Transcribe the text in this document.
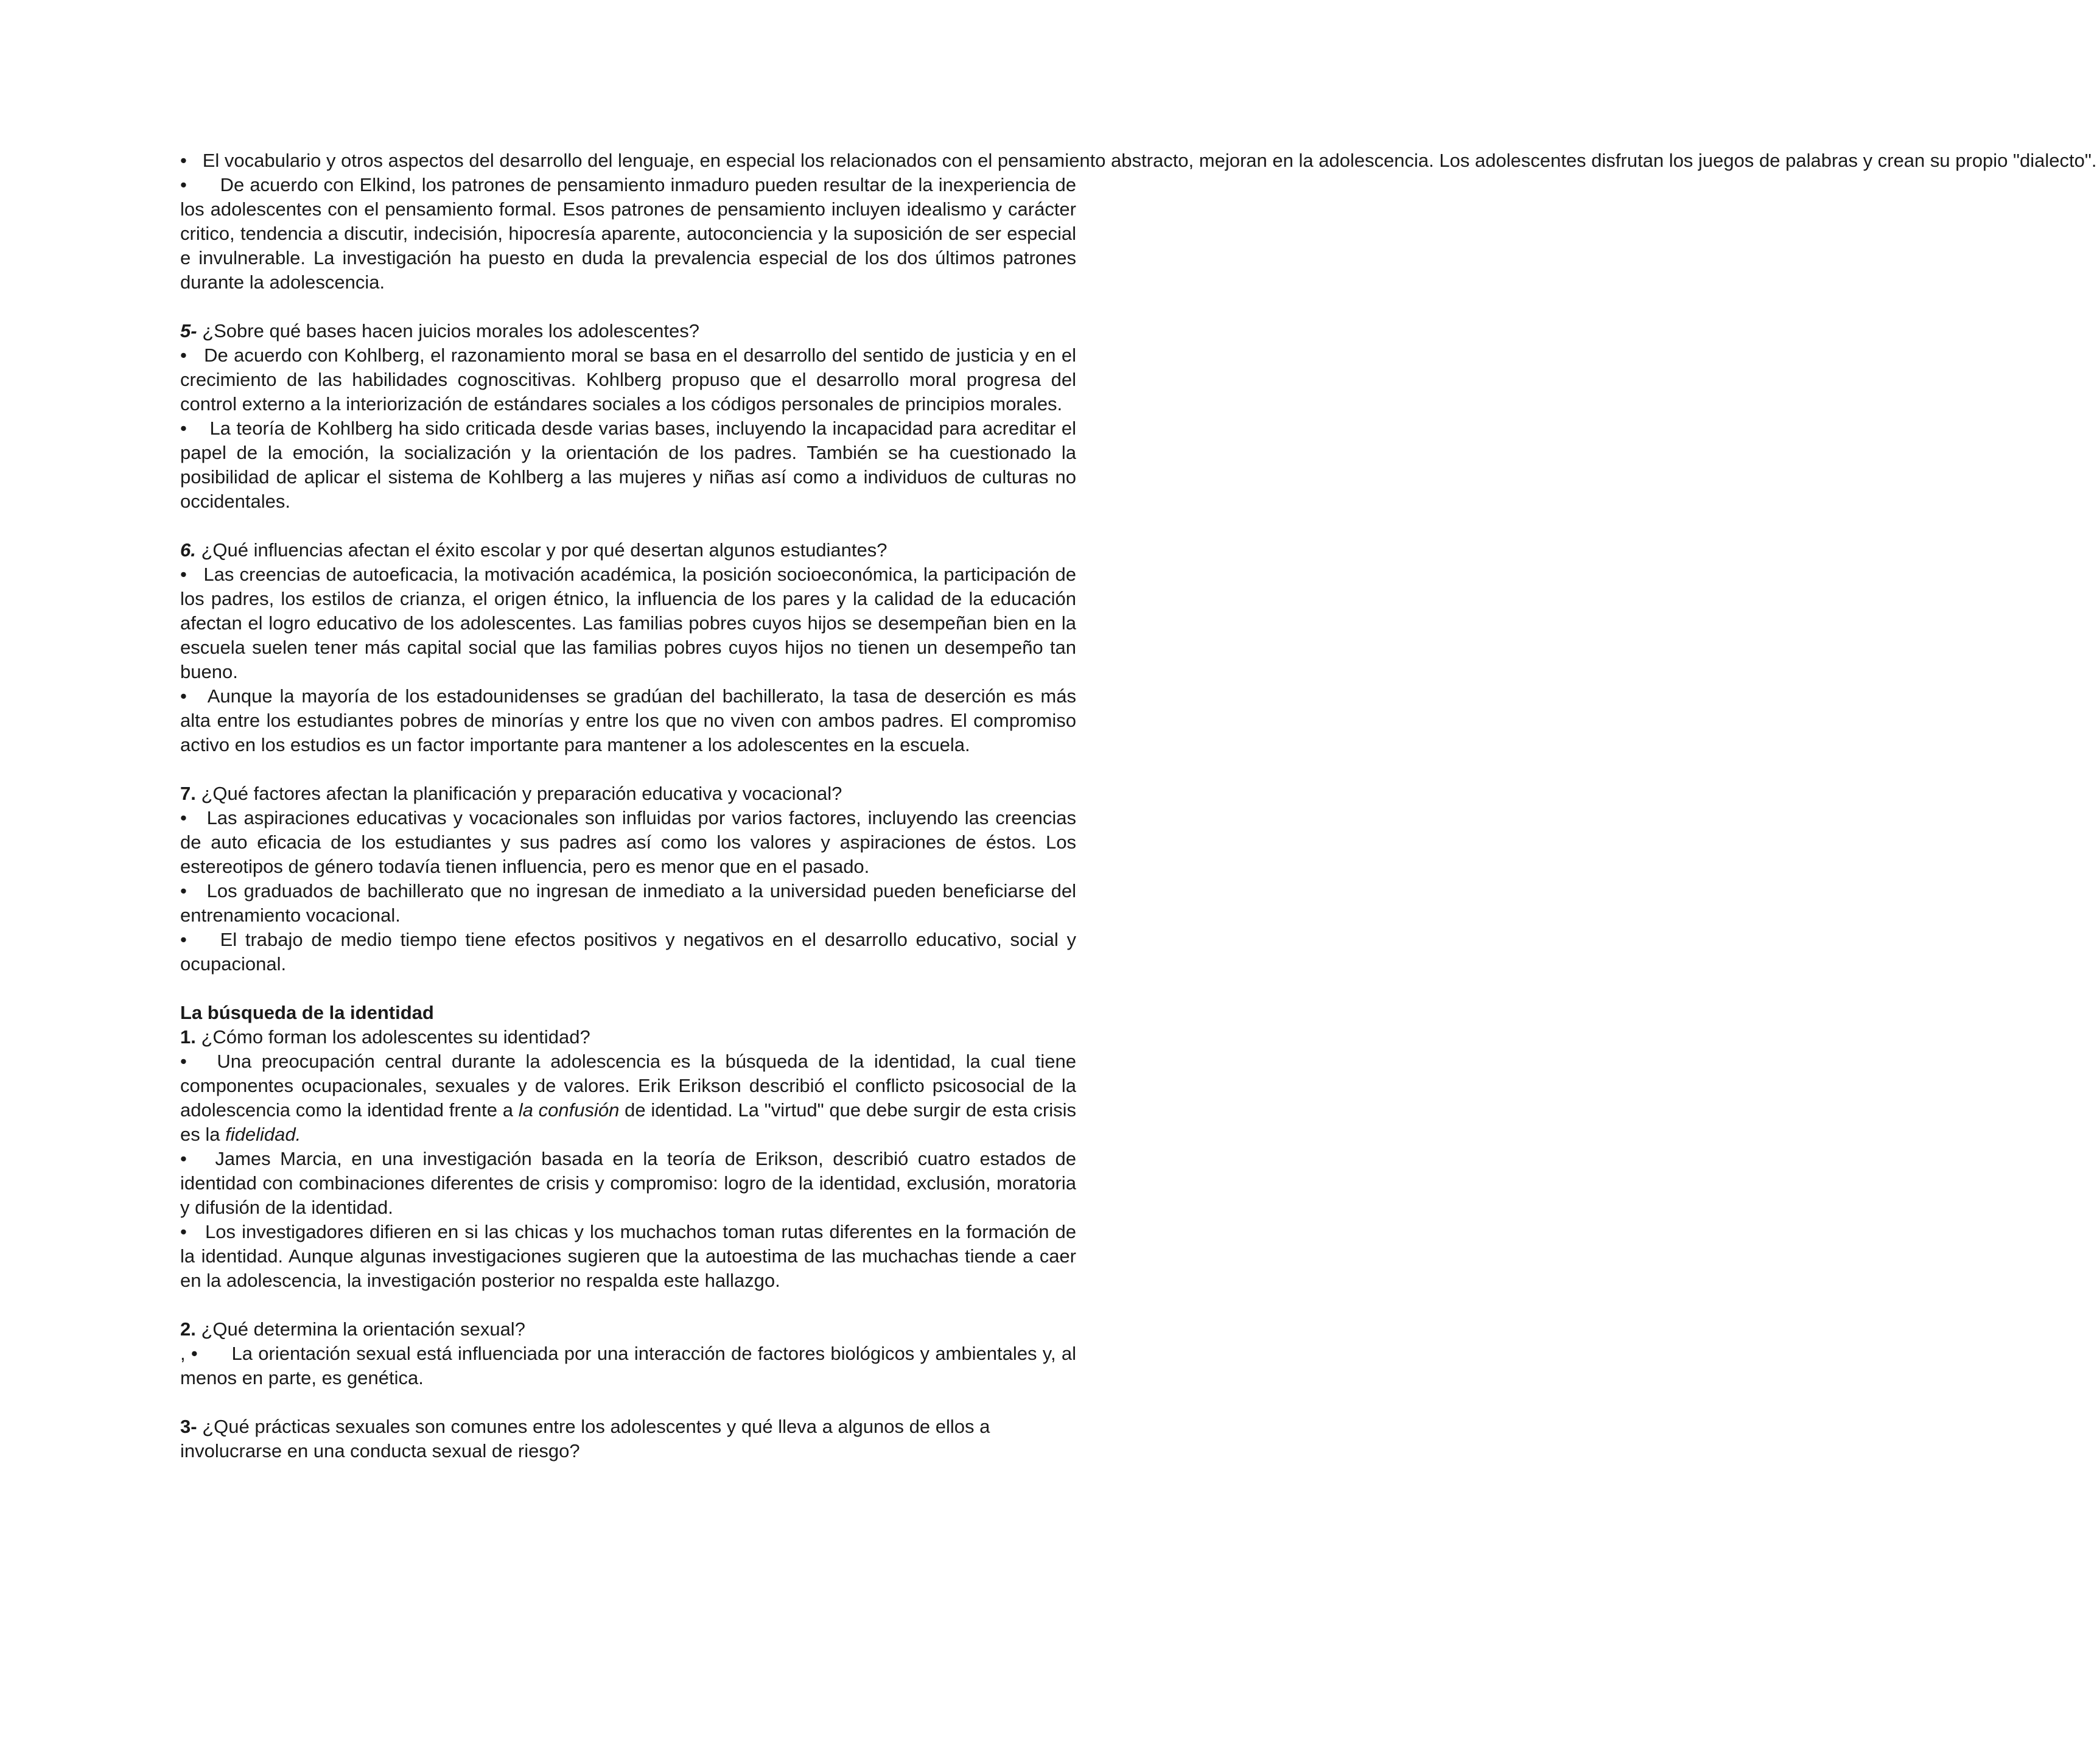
•   El vocabulario y otros aspectos del desarrollo del lenguaje, en especial los relacionados con el pensamiento abstracto, mejoran en la adolescencia. Los adolescentes disfrutan los juegos de palabras y crean su propio "dialecto".

•      De acuerdo con Elkind, los patrones de pensamiento inmaduro pueden resultar de la inexperiencia de los adolescentes con el pensamiento formal. Esos patrones de pensamiento incluyen idealismo y carácter critico, tendencia a discutir, indecisión, hipocresía aparente, autoconciencia y la suposición de ser especial e invulnerable. La investigación ha puesto en duda la prevalencia especial de los dos últimos patrones durante la adolescencia.

5- ¿Sobre qué bases hacen juicios morales los adolescentes?

•   De acuerdo con Kohlberg, el razonamiento moral se basa en el desarrollo del sentido de justicia y en el crecimiento de las habilidades cognoscitivas. Kohlberg propuso que el desarrollo moral progresa del control externo a la interiorización de estándares sociales a los códigos personales de principios morales.

•    La teoría de Kohlberg ha sido criticada desde varias bases, incluyendo la incapacidad para acreditar el papel de la emoción, la socialización y la orientación de los padres. También se ha cuestionado la posibilidad de aplicar el sistema de Kohlberg a las mujeres y niñas así como a individuos de culturas no occidentales.

6. ¿Qué influencias afectan el éxito escolar y por qué desertan algunos estudiantes?

•   Las creencias de autoeficacia, la motivación académica, la posición socioeconómica, la participación de los padres, los estilos de crianza, el origen étnico, la influencia de los pares y la calidad de la educación afectan el logro educativo de los adolescentes. Las familias pobres cuyos hijos se desempeñan bien en la escuela suelen tener más capital social que las familias pobres cuyos hijos no tienen un desempeño tan bueno.

•   Aunque la mayoría de los estadounidenses se gradúan del bachillerato, la tasa de deserción es más alta entre los estudiantes pobres de minorías y entre los que no viven con ambos padres. El compromiso activo en los estudios es un factor importante para mantener a los adolescentes en la escuela.

7. ¿Qué factores afectan la planificación y preparación educativa y vocacional?

•   Las aspiraciones educativas y vocacionales son influidas por varios factores, incluyendo las creencias de auto eficacia de los estudiantes y sus padres así como los valores y aspiraciones de éstos. Los estereotipos de género todavía tienen influencia, pero es menor que en el pasado.

•   Los graduados de bachillerato que no ingresan de inmediato a la universidad pueden beneficiarse del entrenamiento vocacional.

•    El trabajo de medio tiempo tiene efectos positivos y negativos en el desarrollo educativo, social y ocupacional.

La búsqueda de la identidad

1. ¿Cómo forman los adolescentes su identidad?

•   Una preocupación central durante la adolescencia es la búsqueda de la identidad, la cual tiene componentes ocupacionales, sexuales y de valores. Erik Erikson describió el conflicto psicosocial de la adolescencia como la identidad frente a la confusión de identidad. La "virtud" que debe surgir de esta crisis es la fidelidad.

•   James Marcia, en una investigación basada en la teoría de Erikson, describió cuatro estados de identidad con combinaciones diferentes de crisis y compromiso: logro de la identidad, exclusión, moratoria y difusión de la identidad.

•   Los investigadores difieren en si las chicas y los muchachos toman rutas diferentes en la formación de la identidad. Aunque algunas investigaciones sugieren que la autoestima de las muchachas tiende a caer en la adolescencia, la investigación posterior no respalda este hallazgo.

2. ¿Qué determina la orientación sexual?

, •      La orientación sexual está influenciada por una interacción de factores biológicos y ambientales y, al menos en parte, es genética.

3- ¿Qué prácticas sexuales son comunes entre los adolescentes y qué lleva a algunos de ellos a involucrarse en una conducta sexual de riesgo?
